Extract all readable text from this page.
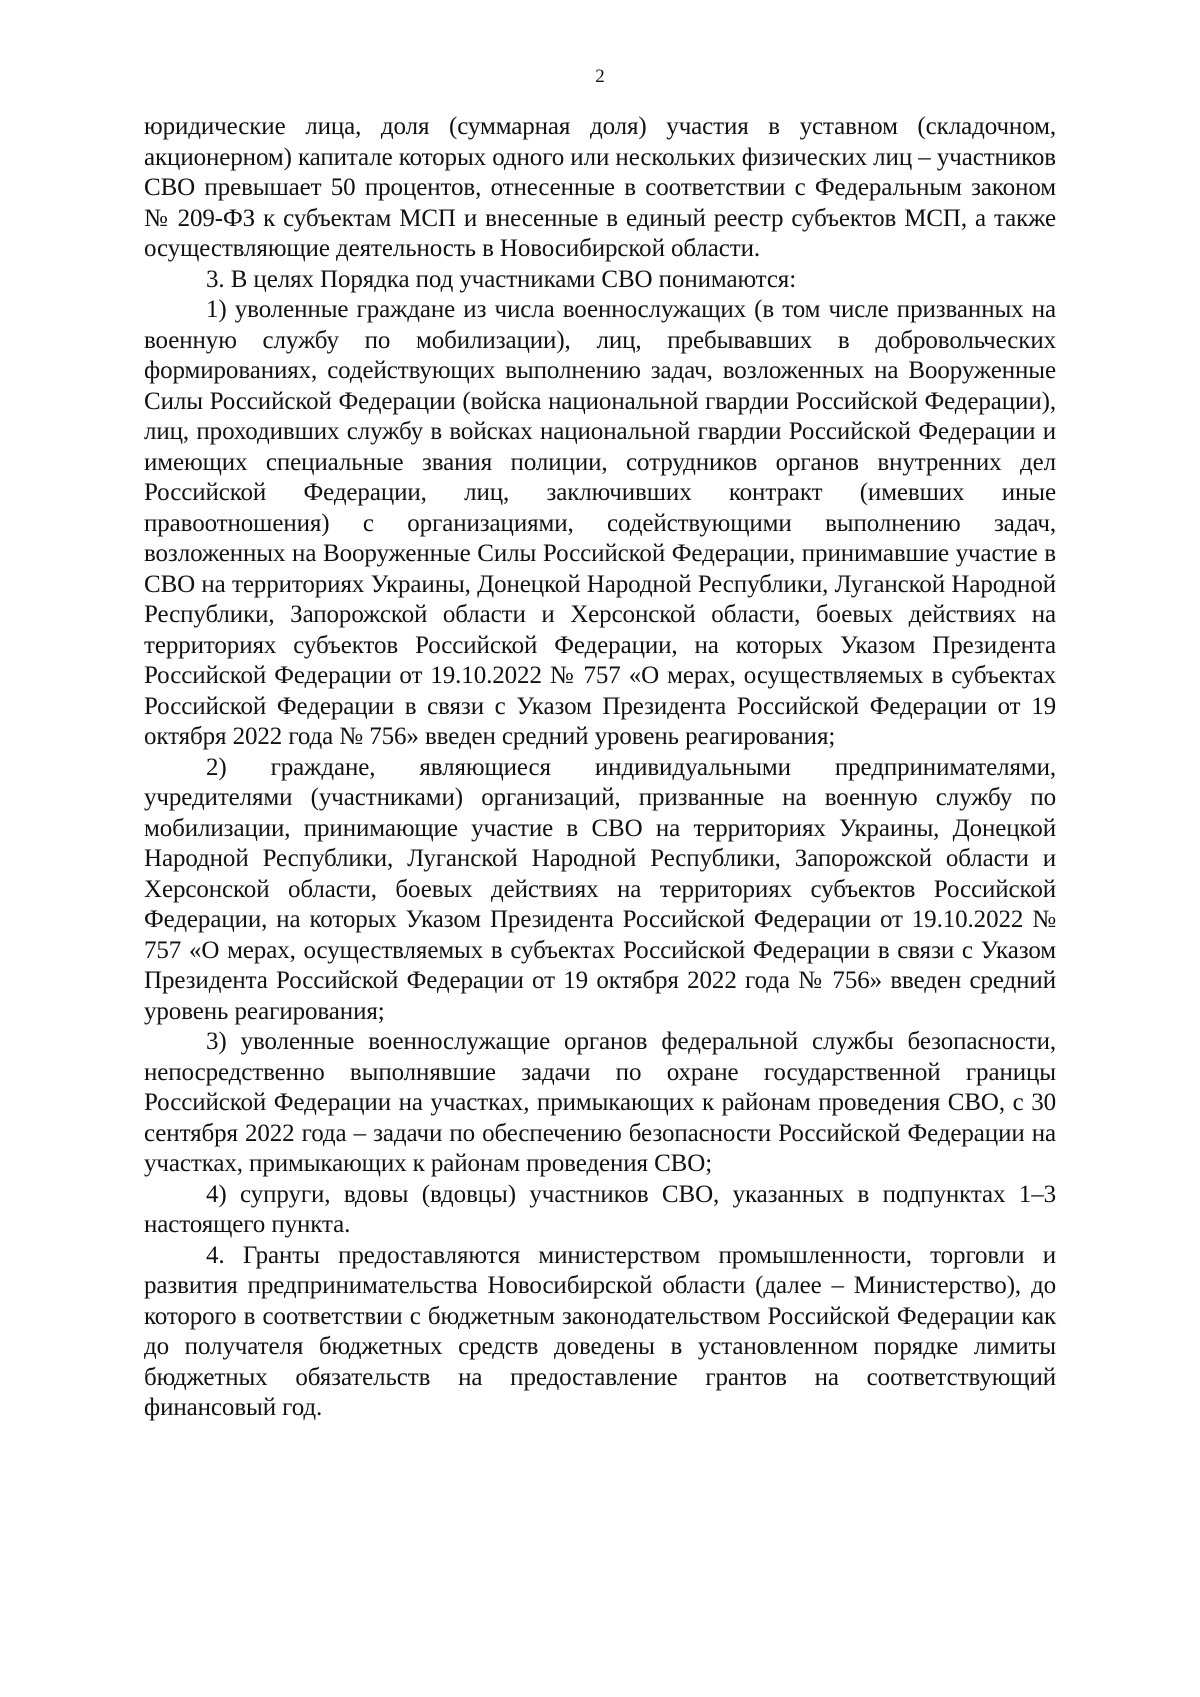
2

юридические лица, доля (суммарная доля) участия в уставном (складочном, акционерном) капитале которых одного или нескольких физических лиц – участников СВО превышает 50 процентов, отнесенные в соответствии с Федеральным законом № 209-ФЗ к субъектам МСП и внесенные в единый реестр субъектов МСП, а также осуществляющие деятельность в Новосибирской области.

3. В целях Порядка под участниками СВО понимаются:

1) уволенные граждане из числа военнослужащих (в том числе призванных на военную службу по мобилизации), лиц, пребывавших в добровольческих формированиях, содействующих выполнению задач, возложенных на Вооруженные Силы Российской Федерации (войска национальной гвардии Российской Федерации), лиц, проходивших службу в войсках национальной гвардии Российской Федерации и имеющих специальные звания полиции, сотрудников органов внутренних дел Российской Федерации, лиц, заключивших контракт (имевших иные правоотношения) с организациями, содействующими выполнению задач, возложенных на Вооруженные Силы Российской Федерации, принимавшие участие в СВО на территориях Украины, Донецкой Народной Республики, Луганской Народной Республики, Запорожской области и Херсонской области, боевых действиях на территориях субъектов Российской Федерации, на которых Указом Президента Российской Федерации от 19.10.2022 № 757 «О мерах, осуществляемых в субъектах Российской Федерации в связи с Указом Президента Российской Федерации от 19 октября 2022 года № 756» введен средний уровень реагирования;

2) граждане, являющиеся индивидуальными предпринимателями, учредителями (участниками) организаций, призванные на военную службу по мобилизации, принимающие участие в СВО на территориях Украины, Донецкой Народной Республики, Луганской Народной Республики, Запорожской области и Херсонской области, боевых действиях на территориях субъектов Российской Федерации, на которых Указом Президента Российской Федерации от 19.10.2022 № 757 «О мерах, осуществляемых в субъектах Российской Федерации в связи с Указом Президента Российской Федерации от 19 октября 2022 года № 756» введен средний уровень реагирования;

3) уволенные военнослужащие органов федеральной службы безопасности, непосредственно выполнявшие задачи по охране государственной границы Российской Федерации на участках, примыкающих к районам проведения СВО, с 30 сентября 2022 года – задачи по обеспечению безопасности Российской Федерации на участках, примыкающих к районам проведения СВО;

4) супруги, вдовы (вдовцы) участников СВО, указанных в подпунктах 1–3 настоящего пункта.

4. Гранты предоставляются министерством промышленности, торговли и развития предпринимательства Новосибирской области (далее – Министерство), до которого в соответствии с бюджетным законодательством Российской Федерации как до получателя бюджетных средств доведены в установленном порядке лимиты бюджетных обязательств на предоставление грантов на соответствующий финансовый год.
